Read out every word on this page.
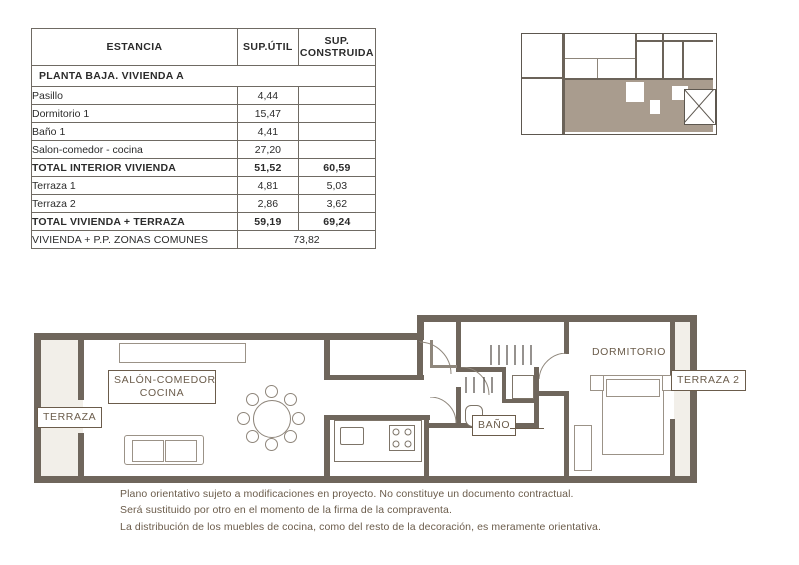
ESTANCIA	SUP.ÚTIL	SUP.
CONSTRUIDA

PLANTA BAJA. VIVIENDA A		
Pasillo	4,44	
Dormitorio 1	15,47	
Baño 1	4,41	
Salon-comedor - cocina	27,20	
TOTAL INTERIOR VIVIENDA	51,52	60,59
Terraza 1	4,81	5,03
Terraza 2	2,86	3,62
TOTAL VIVIENDA + TERRAZA	59,19	69,24
VIVIENDA + P.P. ZONAS COMUNES	73,82	
SALÓN-COMEDOR
COCINA
TERRAZA
TERRAZA 2
DORMITORIO
BAÑO
Plano orientativo sujeto a modificaciones en proyecto. No constituye un documento contractual.
Será sustituido por otro en el momento de la firma de la compraventa.
La distribución de los muebles de cocina, como del resto de la decoración, es meramente orientativa.
